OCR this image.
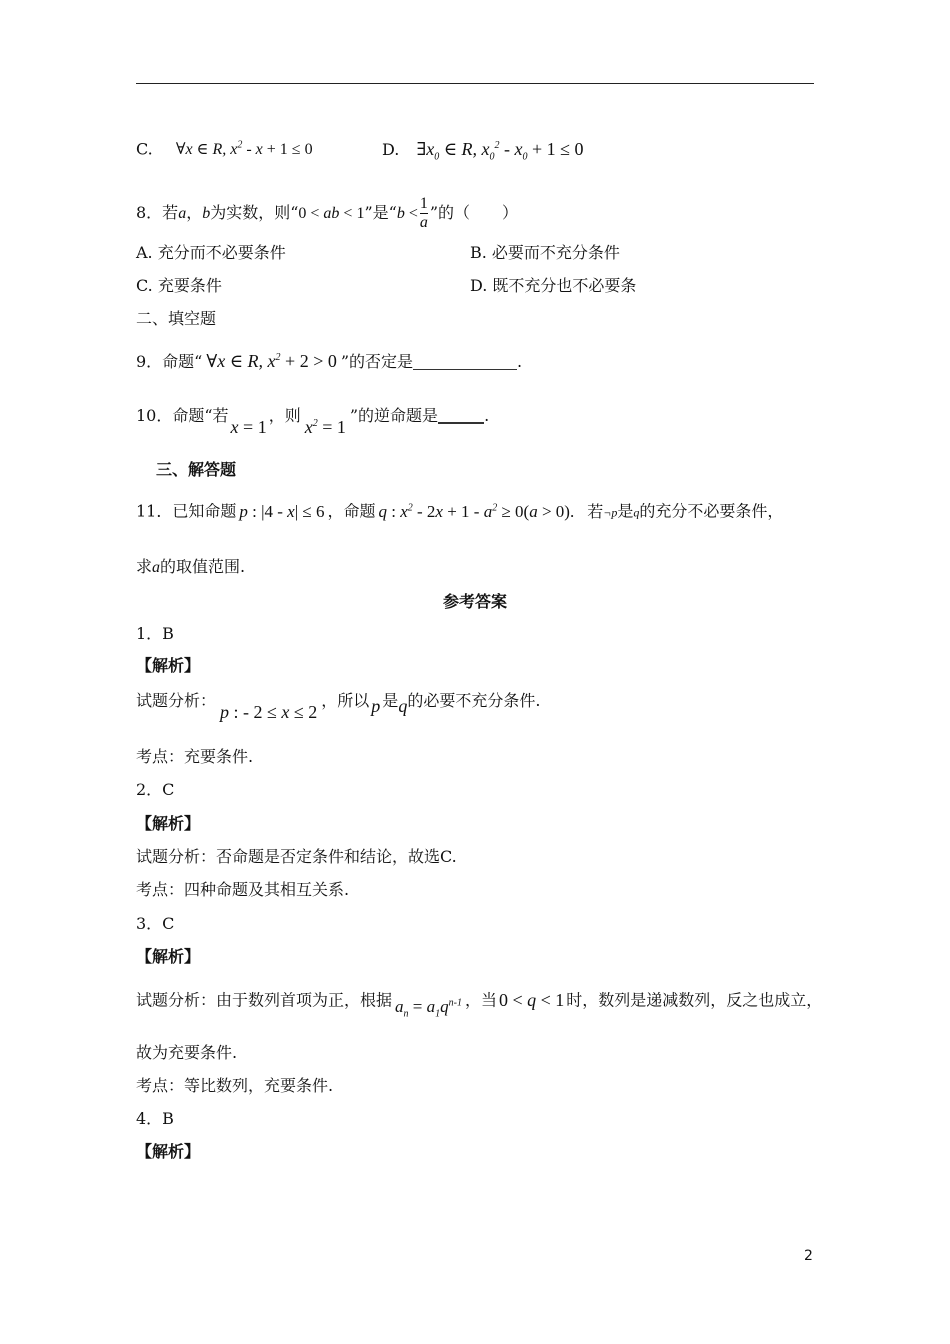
C. ∀x ∈ R, $x^2 - x + 1 \le 0$	D. $\exists x_0$ ∈ R, $x_0^2 - x_0 + 1 \le 0$
8．若a，b为实数，则“0 < ab < 1”是“$b < \frac{1}{a}$ ”的（　　）
A. 充分而不必要条件	B. 必要而不充分条件
C. 充要条件	D. 既不充分也不必要条
二、填空题
9．命题“ ∀x ∈ R, $x^2 + 2 > 0$ ”的否定是	.
10．命题“若x = 1，则$x^2 = 1$”的逆命题是	.
三、解答题
11．已知命题 p : |4 - x| ≤ 6 ，命题 q : $x^2 - 2x + 1 - a^2 \ge 0(a > 0)$. 若¬p是q的充分不必要条件，
求a的取值范围.
参考答案
1．B
【解析】
试题分析：p : - 2 ≤ x ≤ 2，所以 p 是q的必要不充分条件.
考点：充要条件.
2．C
【解析】
试题分析：否命题是否定条件和结论，故选C.
考点：四种命题及其相互关系.
3．C
【解析】
试题分析：由于数列首项为正，根据 $a_n = a_1q^{n-1}$ ，当 0 < q < 1 时，数列是递减数列，反之也成立，
故为充要条件.
考点：等比数列，充要条件.
4．B
【解析】
2
